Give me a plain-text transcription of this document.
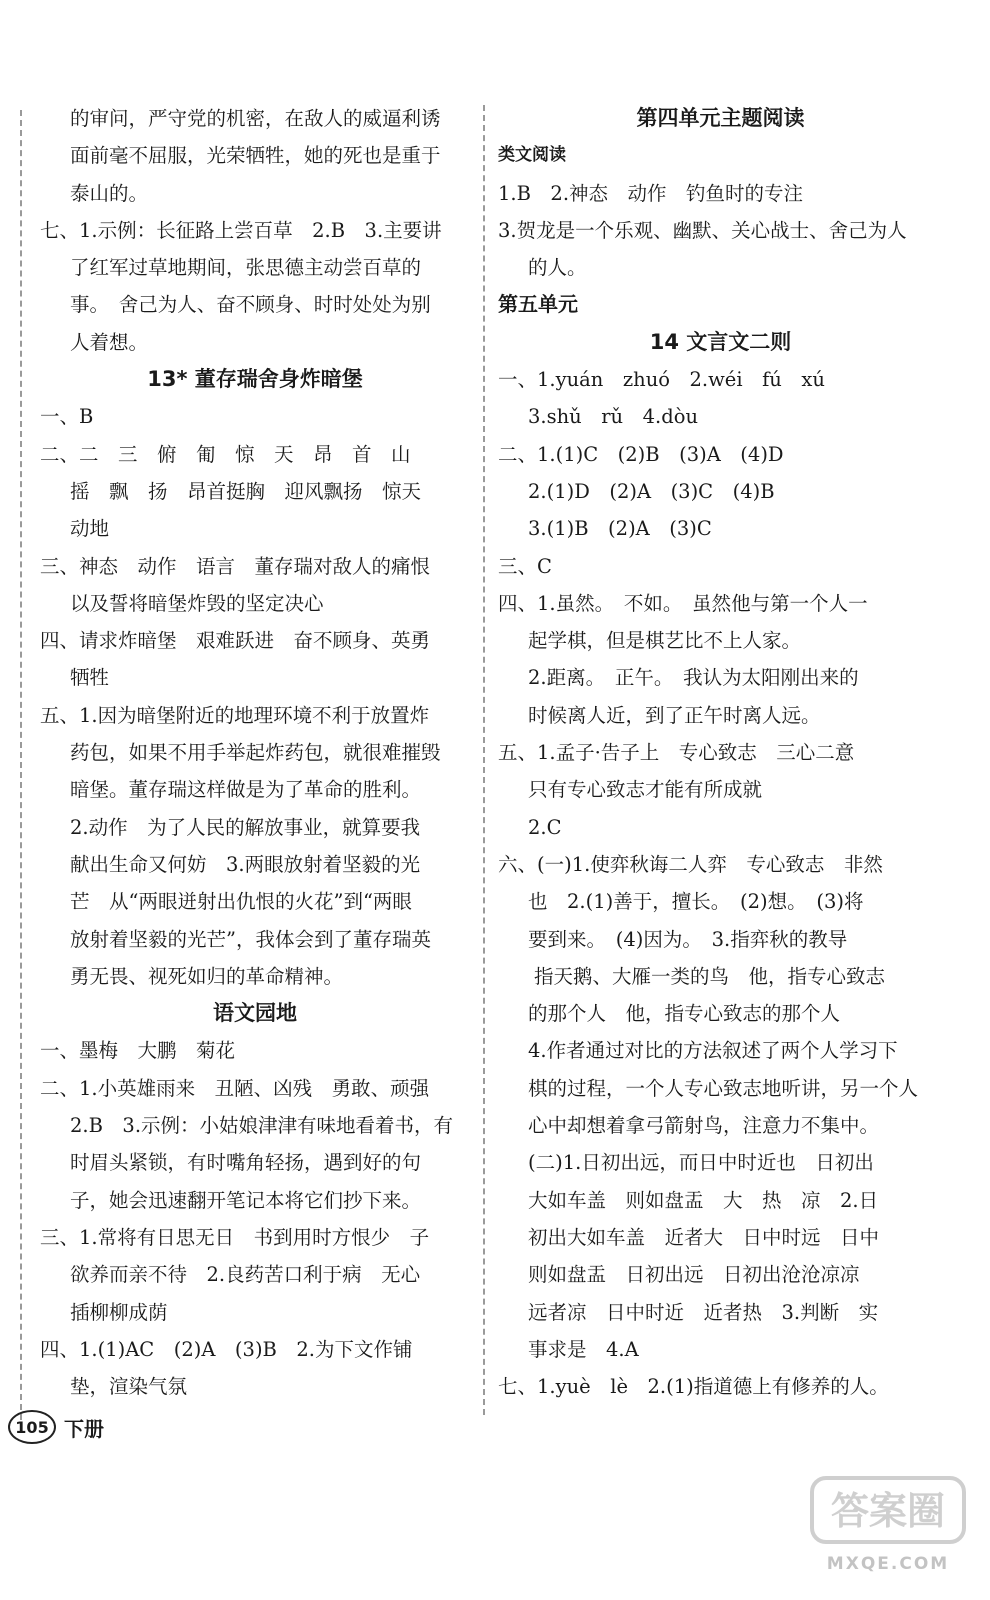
的审问，严守党的机密，在敌人的威逼利诱
面前毫不屈服，光荣牺牲，她的死也是重于
泰山的。
七、1.示例：长征路上尝百草　2.B　3.主要讲
了红军过草地期间，张思德主动尝百草的
事。　舍己为人、奋不顾身、时时处处为别
人着想。
13* 董存瑞舍身炸暗堡
一、B
二、二　三　俯　匍　惊　天　昂　首　山
摇　飘　扬　昂首挺胸　迎风飘扬　惊天
动地
三、神态　动作　语言　董存瑞对敌人的痛恨
以及誓将暗堡炸毁的坚定决心
四、请求炸暗堡　艰难跃进　奋不顾身、英勇
牺牲
五、1.因为暗堡附近的地理环境不利于放置炸
药包，如果不用手举起炸药包，就很难摧毁
暗堡。董存瑞这样做是为了革命的胜利。
2.动作　为了人民的解放事业，就算要我
献出生命又何妨　3.两眼放射着坚毅的光
芒　从“两眼迸射出仇恨的火花”到“两眼
放射着坚毅的光芒”，我体会到了董存瑞英
勇无畏、视死如归的革命精神。
语文园地
一、墨梅　大鹏　菊花
二、1.小英雄雨来　丑陋、凶残　勇敢、顽强
2.B　3.示例：小姑娘津津有味地看着书，有
时眉头紧锁，有时嘴角轻扬，遇到好的句
子，她会迅速翻开笔记本将它们抄下来。
三、1.常将有日思无日　书到用时方恨少　子
欲养而亲不待　2.良药苦口利于病　无心
插柳柳成荫
四、1.(1)AC　(2)A　(3)B　2.为下文作铺
垫，渲染气氛
第四单元主题阅读
类文阅读
1.B　2.神态　动作　钓鱼时的专注
3.贺龙是一个乐观、幽默、关心战士、舍己为人
的人。
第五单元
14 文言文二则
一、1.yuán　zhuó　2.wéi　fú　xú
3.shǔ　rǔ　4.dòu
二、1.(1)C　(2)B　(3)A　(4)D
2.(1)D　(2)A　(3)C　(4)B
3.(1)B　(2)A　(3)C
三、C
四、1.虽然。　不如。　虽然他与第一个人一
起学棋，但是棋艺比不上人家。
2.距离。　正午。　我认为太阳刚出来的
时候离人近，到了正午时离人远。
五、1.孟子·告子上　专心致志　三心二意
只有专心致志才能有所成就
2.C
六、(一)1.使弈秋诲二人弈　专心致志　非然
也　2.(1)善于，擅长。　(2)想。　(3)将
要到来。　(4)因为。　3.指弈秋的教导
指天鹅、大雁一类的鸟　他，指专心致志
的那个人　他，指专心致志的那个人
4.作者通过对比的方法叙述了两个人学习下
棋的过程，一个人专心致志地听讲，另一个人
心中却想着拿弓箭射鸟，注意力不集中。
(二)1.日初出远，而日中时近也　日初出
大如车盖　则如盘盂　大　热　凉　2.日
初出大如车盖　近者大　日中时远　日中
则如盘盂　日初出远　日初出沧沧凉凉
远者凉　日中时近　近者热　3.判断　实
事求是　4.A
七、1.yuè　lè　2.(1)指道德上有修养的人。
105 下册
答案圈
MXQE.COM
